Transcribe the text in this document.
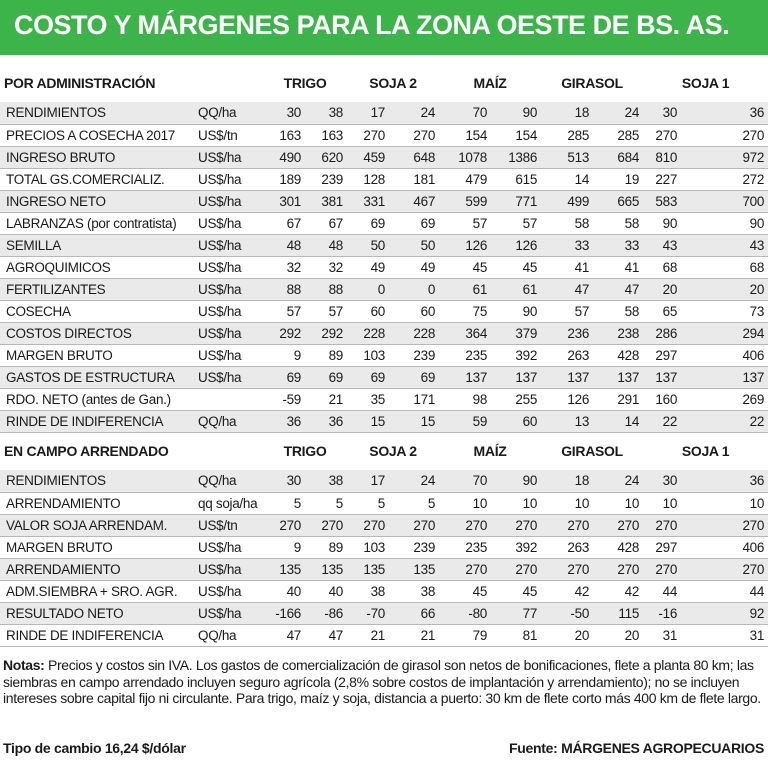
COSTO Y MÁRGENES PARA LA ZONA OESTE DE BS. AS.
POR ADMINISTRACIÓN		TRIGO		SOJA 2		MAÍZ		GIRASOL		SOJA 1	
RENDIMIENTOS	QQ/ha	30	38	17	24	70	90	18	24	30	36
PRECIOS A COSECHA 2017	US$/tn	163	163	270	270	154	154	285	285	270	270
INGRESO BRUTO	US$/ha	490	620	459	648	1078	1386	513	684	810	972
TOTAL GS.COMERCIALIZ.	US$/ha	189	239	128	181	479	615	14	19	227	272
INGRESO NETO	US$/ha	301	381	331	467	599	771	499	665	583	700
LABRANZAS (por contratista)	US$/ha	67	67	69	69	57	57	58	58	90	90
SEMILLA	US$/ha	48	48	50	50	126	126	33	33	43	43
AGROQUIMICOS	US$/ha	32	32	49	49	45	45	41	41	68	68
FERTILIZANTES	US$/ha	88	88	0	0	61	61	47	47	20	20
COSECHA	US$/ha	57	57	60	60	75	90	57	58	65	73
COSTOS DIRECTOS	US$/ha	292	292	228	228	364	379	236	238	286	294
MARGEN BRUTO	US$/ha	9	89	103	239	235	392	263	428	297	406
GASTOS DE ESTRUCTURA	US$/ha	69	69	69	69	137	137	137	137	137	137
RDO. NETO (antes de Gan.)		-59	21	35	171	98	255	126	291	160	269
RINDE DE INDIFERENCIA	QQ/ha	36	36	15	15	59	60	13	14	22	22
EN CAMPO ARRENDADO		TRIGO		SOJA 2		MAÍZ		GIRASOL		SOJA 1	
RENDIMIENTOS	QQ/ha	30	38	17	24	70	90	18	24	30	36
ARRENDAMIENTO	qq soja/ha	5	5	5	5	10	10	10	10	10	10
VALOR SOJA ARRENDAM.	US$/tn	270	270	270	270	270	270	270	270	270	270
MARGEN BRUTO	US$/ha	9	89	103	239	235	392	263	428	297	406
ARRENDAMIENTO	US$/ha	135	135	135	135	270	270	270	270	270	270
ADM.SIEMBRA + SRO. AGR.	US$/ha	40	40	38	38	45	45	42	42	44	44
RESULTADO NETO	US$/ha	-166	-86	-70	66	-80	77	-50	115	-16	92
RINDE DE INDIFERENCIA	QQ/ha	47	47	21	21	79	81	20	20	31	31
Notas: Precios y costos sin IVA. Los gastos de comercialización de girasol son netos de bonificaciones, flete a planta 80 km; las siembras en campo arrendado incluyen seguro agrícola (2,8% sobre costos de implantación y arrendamiento); no se incluyen intereses sobre capital fijo ni circulante. Para trigo, maíz y soja, distancia a puerto: 30 km de flete corto más 400 km de flete largo.
Tipo de cambio 16,24 $/dólar	Fuente: MÁRGENES AGROPECUARIOS
